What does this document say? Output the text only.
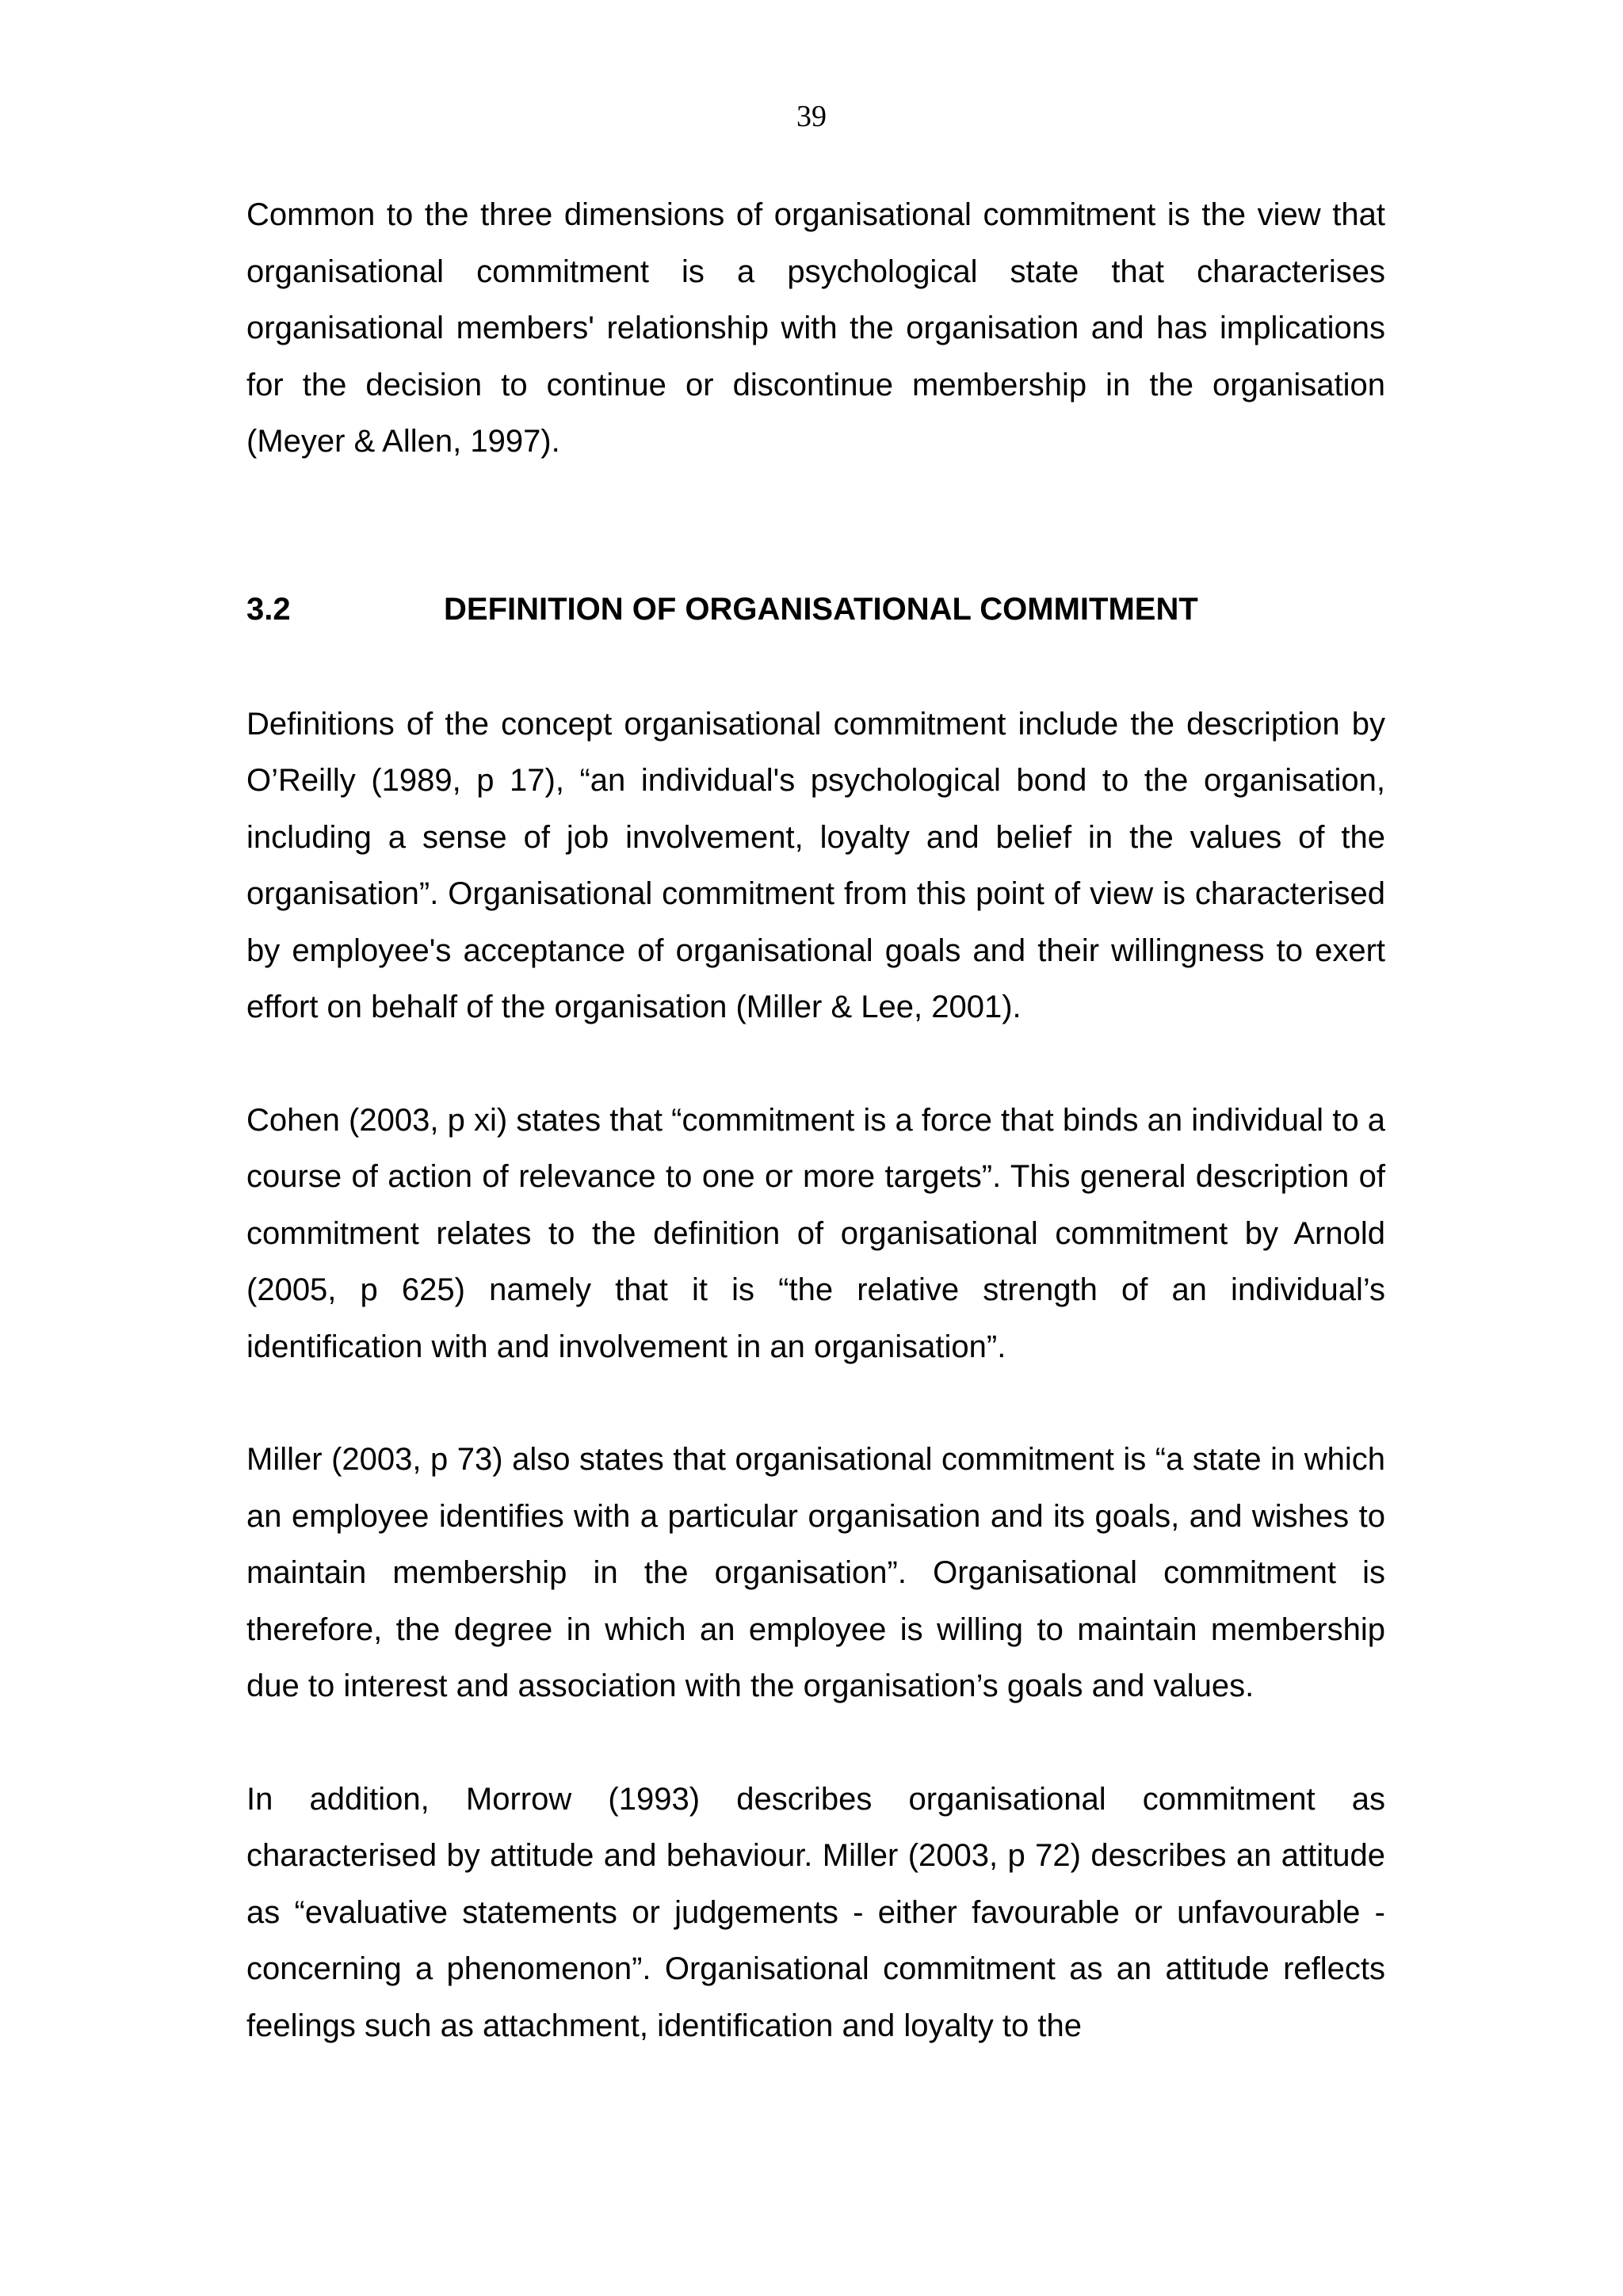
39

Common to the three dimensions of organisational commitment is the view that organisational commitment is a psychological state that characterises organisational members' relationship with the organisation and has implications for the decision to continue or discontinue membership in the organisation (Meyer & Allen, 1997).

3.2	DEFINITION OF ORGANISATIONAL COMMITMENT

Definitions of the concept organisational commitment include the description by O’Reilly (1989, p 17), “an individual's psychological bond to the organisation, including a sense of job involvement, loyalty and belief in the values of the organisation”. Organisational commitment from this point of view is characterised by employee's acceptance of organisational goals and their willingness to exert effort on behalf of the organisation (Miller & Lee, 2001).

Cohen (2003, p xi) states that “commitment is a force that binds an individual to a course of action of relevance to one or more targets”. This general description of commitment relates to the definition of organisational commitment by Arnold (2005, p 625) namely that it is “the relative strength of an individual’s identification with and involvement in an organisation”.

Miller (2003, p 73) also states that organisational commitment is “a state in which an employee identifies with a particular organisation and its goals, and wishes to maintain membership in the organisation”. Organisational commitment is therefore, the degree in which an employee is willing to maintain membership due to interest and association with the organisation’s goals and values.

In addition, Morrow (1993) describes organisational commitment as characterised by attitude and behaviour. Miller (2003, p 72) describes an attitude as “evaluative statements or judgements - either favourable or unfavourable - concerning a phenomenon”. Organisational commitment as an attitude reflects feelings such as attachment, identification and loyalty to the
